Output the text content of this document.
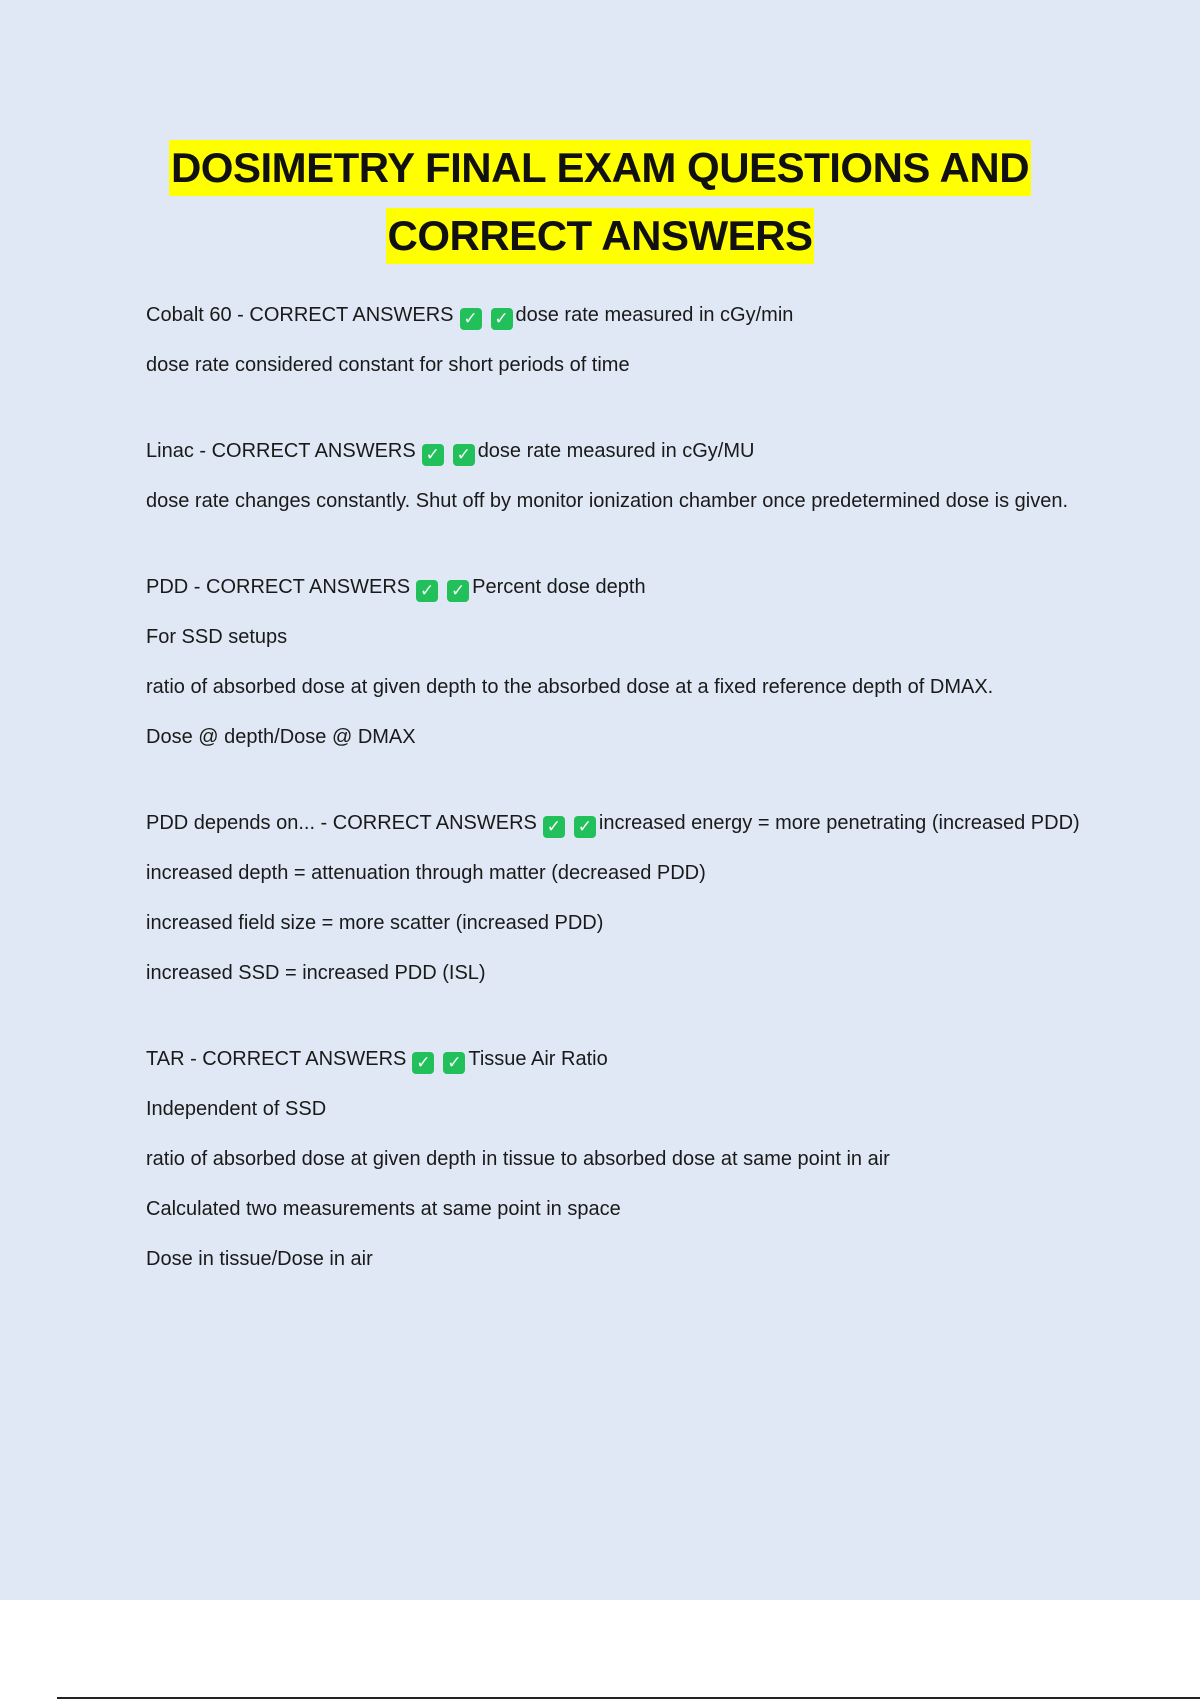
DOSIMETRY FINAL EXAM QUESTIONS AND
CORRECT ANSWERS

Cobalt 60 - CORRECT ANSWERS ✓ ✓ dose rate measured in cGy/min

dose rate considered constant for short periods of time

Linac - CORRECT ANSWERS ✓ ✓ dose rate measured in cGy/MU

dose rate changes constantly. Shut off by monitor ionization chamber once predetermined dose is given.

PDD - CORRECT ANSWERS ✓ ✓ Percent dose depth

For SSD setups

ratio of absorbed dose at given depth to the absorbed dose at a fixed reference depth of DMAX.

Dose @ depth/Dose @ DMAX

PDD depends on... - CORRECT ANSWERS ✓ ✓ increased energy = more penetrating (increased PDD)

increased depth = attenuation through matter (decreased PDD)

increased field size = more scatter (increased PDD)

increased SSD = increased PDD (ISL)

TAR - CORRECT ANSWERS ✓ ✓ Tissue Air Ratio

Independent of SSD

ratio of absorbed dose at given depth in tissue to absorbed dose at same point in air

Calculated two measurements at same point in space

Dose in tissue/Dose in air
